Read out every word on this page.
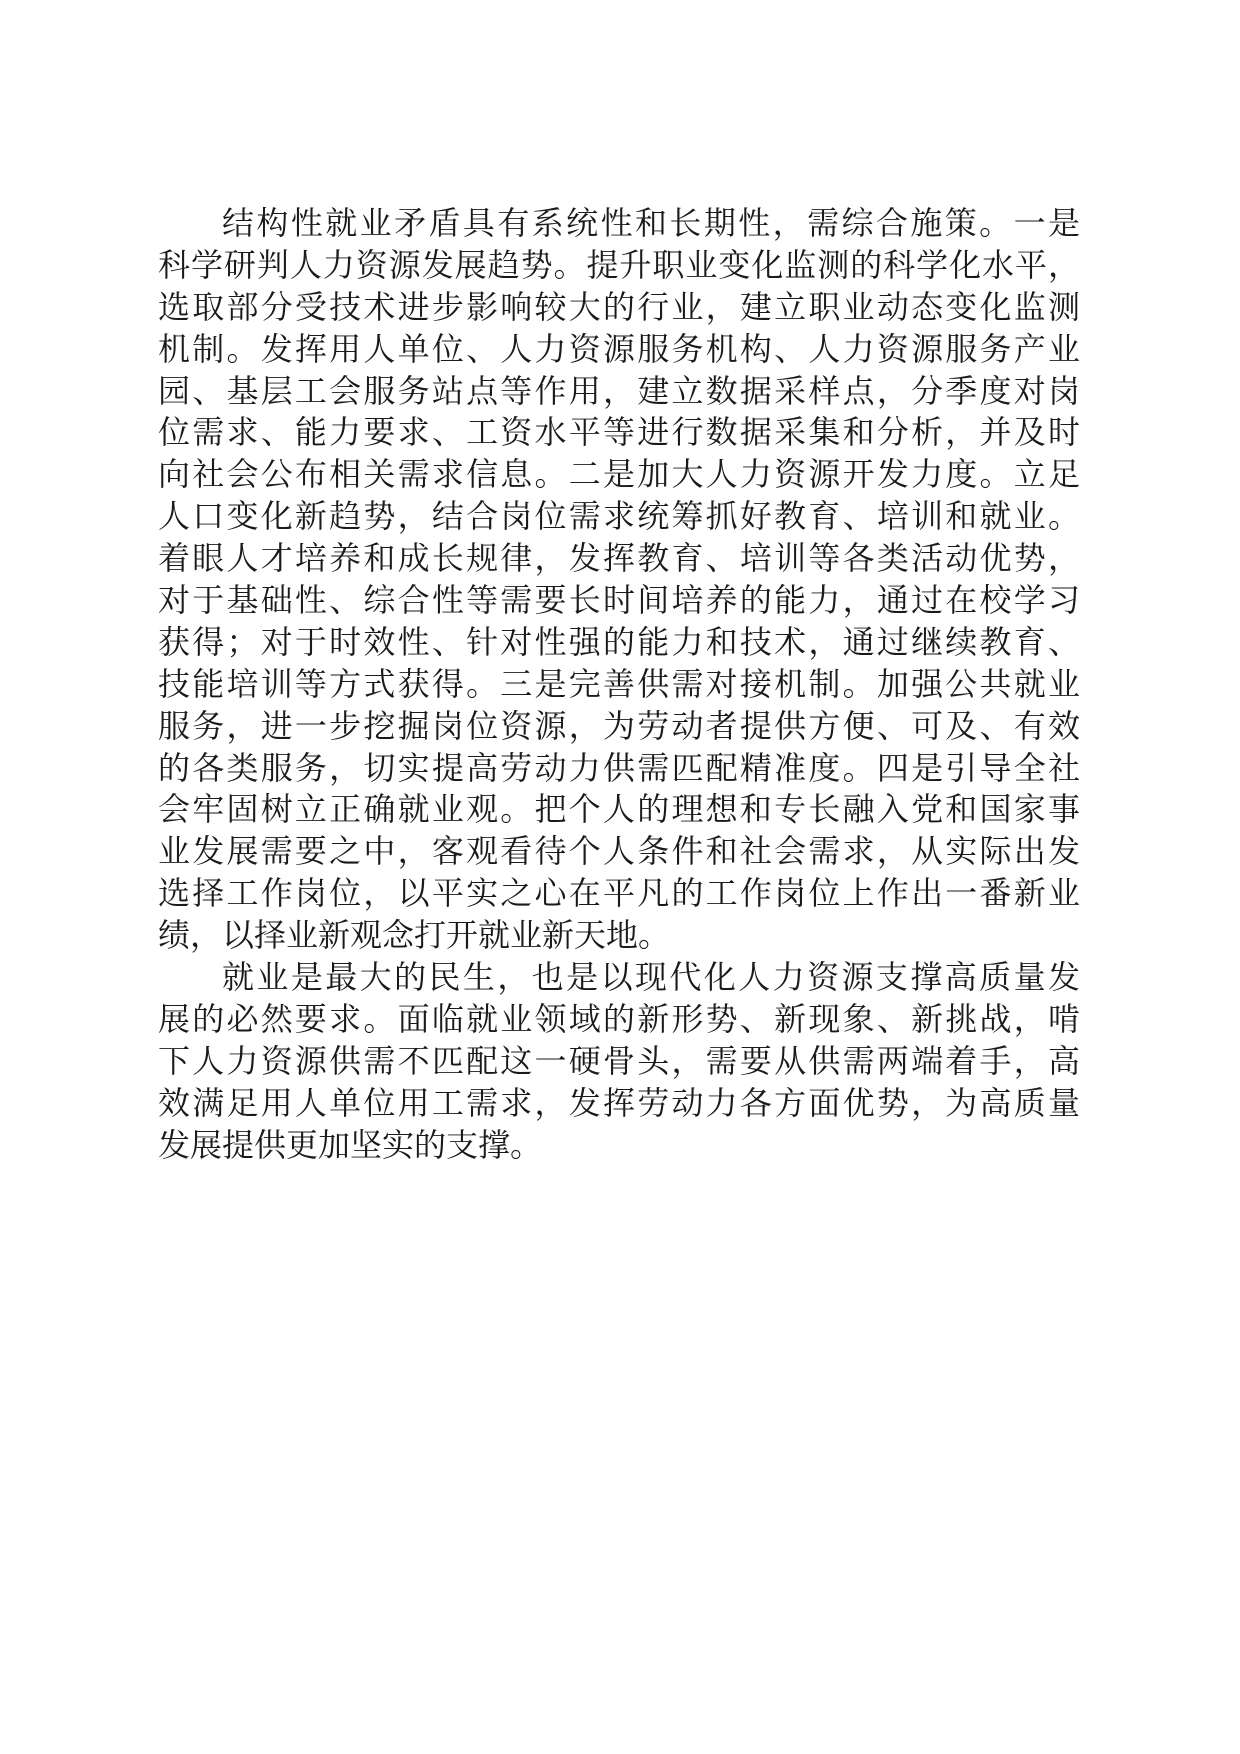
结构性就业矛盾具有系统性和长期性，需综合施策。一是
科学研判人力资源发展趋势。提升职业变化监测的科学化水平，
选取部分受技术进步影响较大的行业，建立职业动态变化监测
机制。发挥用人单位、人力资源服务机构、人力资源服务产业
园、基层工会服务站点等作用，建立数据采样点，分季度对岗
位需求、能力要求、工资水平等进行数据采集和分析，并及时
向社会公布相关需求信息。二是加大人力资源开发力度。立足
人口变化新趋势，结合岗位需求统筹抓好教育、培训和就业。
着眼人才培养和成长规律，发挥教育、培训等各类活动优势，
对于基础性、综合性等需要长时间培养的能力，通过在校学习
获得；对于时效性、针对性强的能力和技术，通过继续教育、
技能培训等方式获得。三是完善供需对接机制。加强公共就业
服务，进一步挖掘岗位资源，为劳动者提供方便、可及、有效
的各类服务，切实提高劳动力供需匹配精准度。四是引导全社
会牢固树立正确就业观。把个人的理想和专长融入党和国家事
业发展需要之中，客观看待个人条件和社会需求，从实际出发
选择工作岗位，以平实之心在平凡的工作岗位上作出一番新业
绩，以择业新观念打开就业新天地。
就业是最大的民生，也是以现代化人力资源支撑高质量发
展的必然要求。面临就业领域的新形势、新现象、新挑战，啃
下人力资源供需不匹配这一硬骨头，需要从供需两端着手，高
效满足用人单位用工需求，发挥劳动力各方面优势，为高质量
发展提供更加坚实的支撑。
